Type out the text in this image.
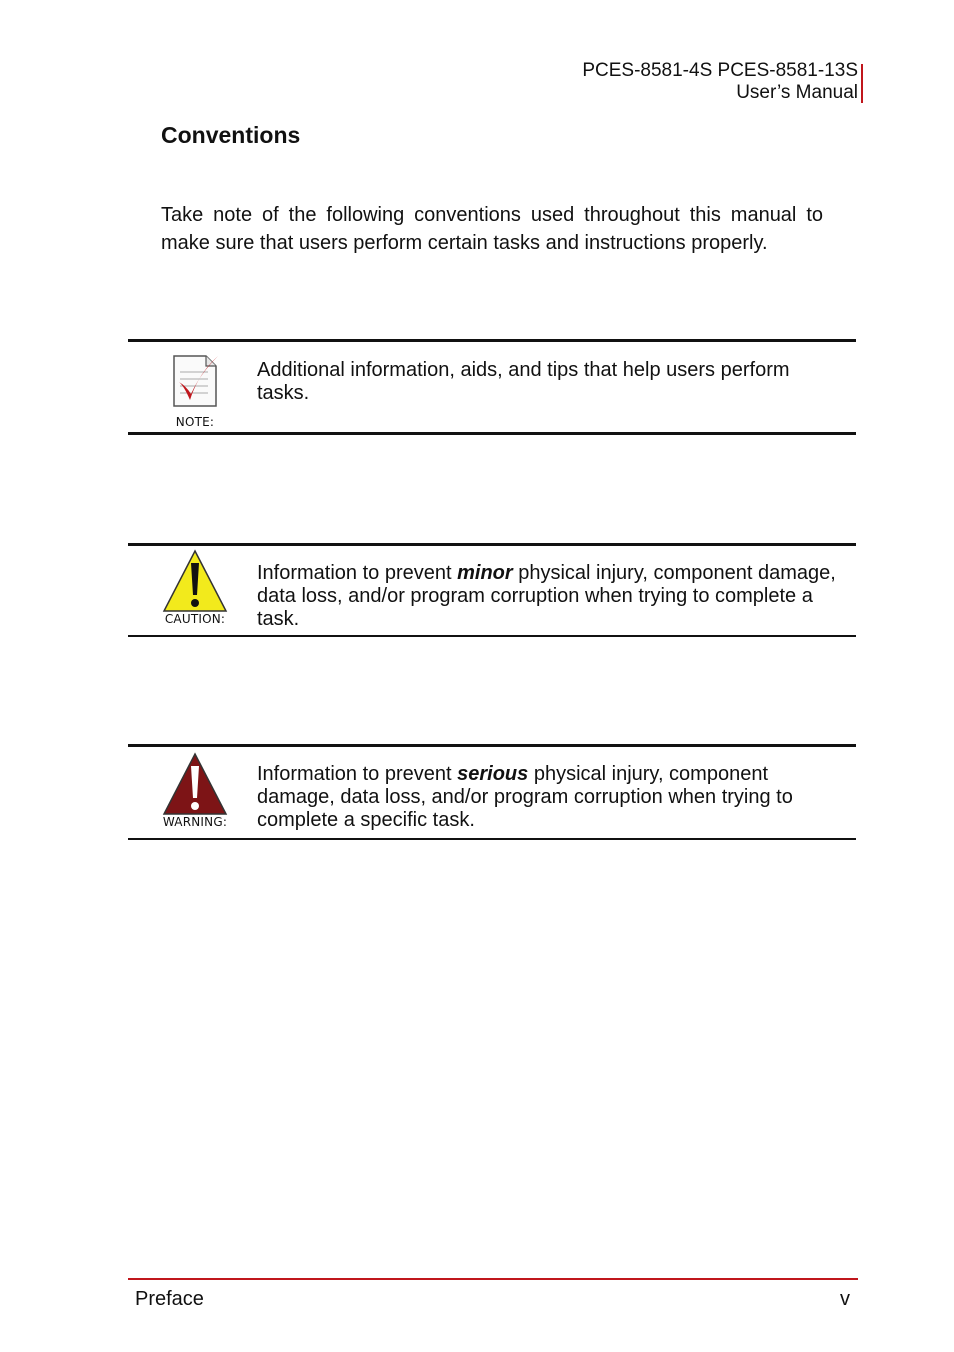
PCES-8581-4S PCES-8581-13S
User’s Manual
Conventions
Take note of the following conventions used throughout this manual to make sure that users perform certain tasks and instructions properly.
NOTE:
Additional information, aids, and tips that help users perform tasks.
CAUTION:
Information to prevent minor physical injury, component damage, data loss, and/or program corruption when trying to complete a task.
WARNING:
Information to prevent serious physical injury, component damage, data loss, and/or program corruption when trying to complete a specific task.
Preface	v
